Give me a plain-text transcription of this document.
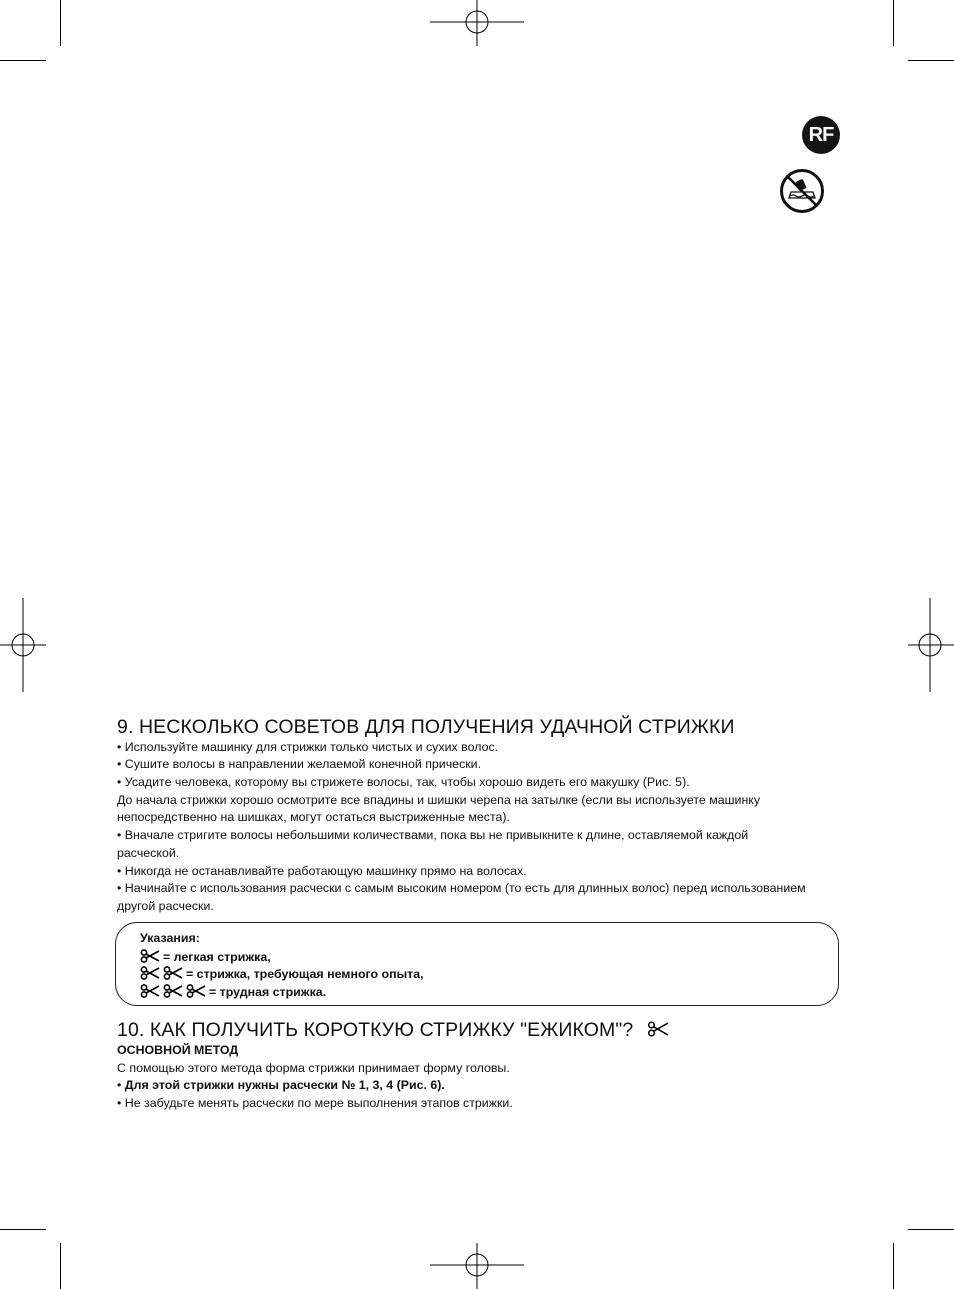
RF
9. НЕСКОЛЬКО СОВЕТОВ ДЛЯ ПОЛУЧЕНИЯ УДАЧНОЙ СТРИЖКИ
• Используйте машинку для стрижки только чистых и сухих волос.
• Сушите волосы в направлении желаемой конечной прически.
• Усадите человека, которому вы стрижете волосы, так, чтобы хорошо видеть его макушку (Рис. 5).
До начала стрижки хорошо осмотрите все впадины и шишки черепа на затылке (если вы используете машинку
непосредственно на шишках, могут остаться выстриженные места).
• Вначале стригите волосы небольшими количествами, пока вы не привыкните к длине, оставляемой каждой
расческой.
• Никогда не останавливайте работающую машинку прямо на волосах.
• Начинайте с использования расчески с самым высоким номером (то есть для длинных волос) перед использованием
другой расчески.
Указания:
= легкая стрижка,
= стрижка, требующая немного опыта,
= трудная стрижка.
10. КАК ПОЛУЧИТЬ КОРОТКУЮ СТРИЖКУ "ЕЖИКОМ"?
ОСНОВНОЙ МЕТОД
С помощью этого метода форма стрижки принимает форму головы.
• Для этой стрижки нужны расчески № 1, 3, 4 (Рис. 6).
• Не забудьте менять расчески по мере выполнения этапов стрижки.
